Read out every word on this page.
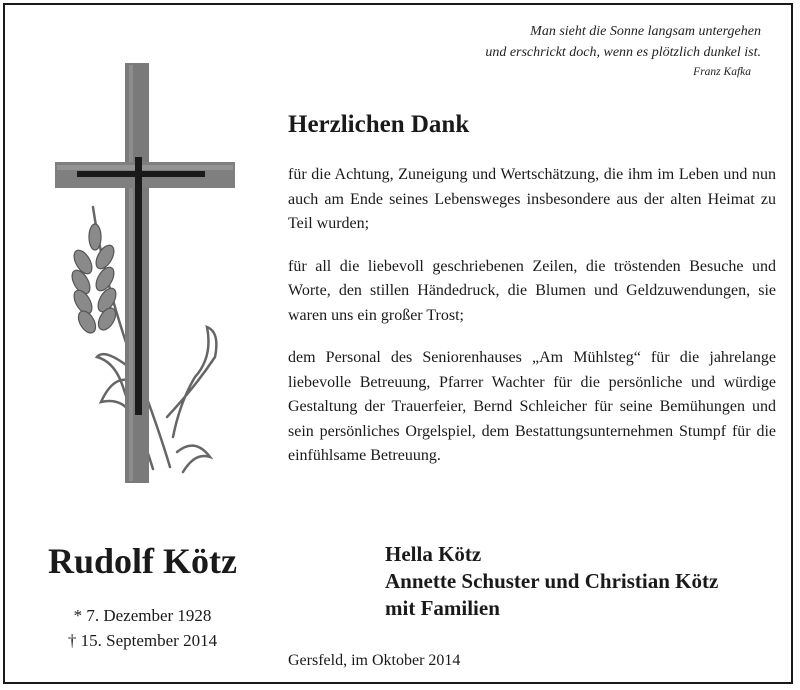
Man sieht die Sonne langsam untergehen
und erschrickt doch, wenn es plötzlich dunkel ist.
Franz Kafka
Herzlichen Dank

für die Achtung, Zuneigung und Wertschätzung, die ihm im Leben und nun auch am Ende seines Lebensweges insbesondere aus der alten Heimat zu Teil wurden;

für all die liebevoll geschriebenen Zeilen, die tröstenden Besuche und Worte, den stillen Händedruck, die Blumen und Geldzuwendungen, sie waren uns ein großer Trost;

dem Personal des Seniorenhauses „Am Mühlsteg“ für die jahrelange liebevolle Betreuung, Pfarrer Wachter für die persönliche und würdige Gestaltung der Trauerfeier, Bernd Schleicher für seine Bemühungen und sein persönliches Orgelspiel, dem Bestattungsunternehmen Stumpf für die einfühlsame Betreuung.

Rudolf Kötz
* 7. Dezember 1928
† 15. September 2014
Hella Kötz
Annette Schuster und Christian Kötz
mit Familien
Gersfeld, im Oktober 2014
